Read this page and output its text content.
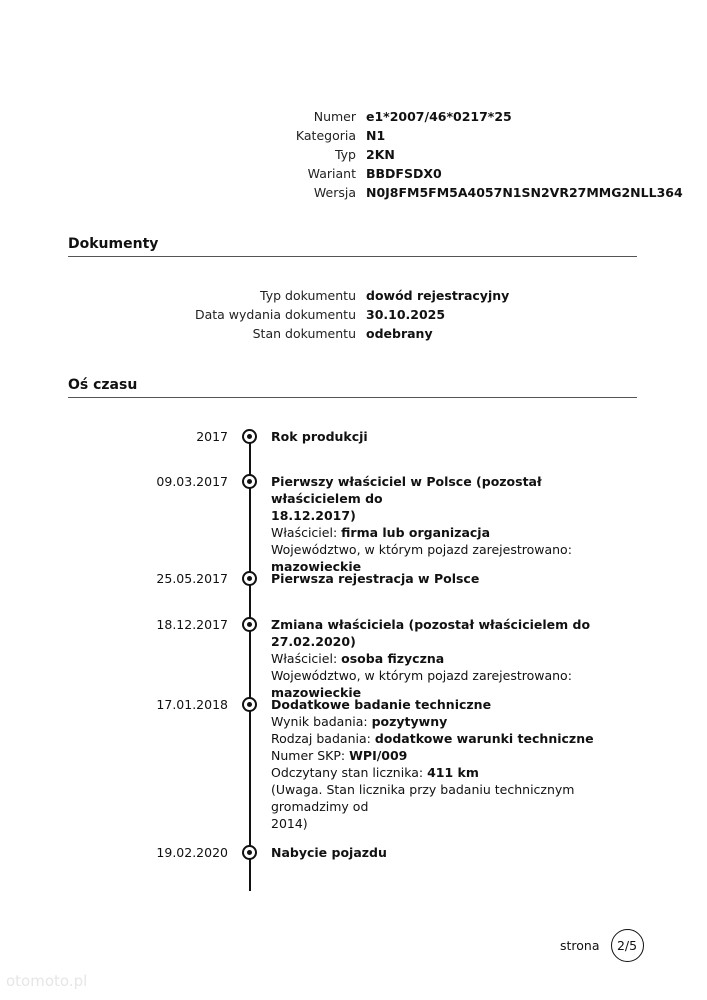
Numer e1*2007/46*0217*25
Kategoria N1
Typ 2KN
Wariant BBDFSDX0
Wersja N0J8FM5FM5A4057N1SN2VR27MMG2NLL364
Dokumenty
Typ dokumentu dowód rejestracyjny
Data wydania dokumentu 30.10.2025
Stan dokumentu odebrany
Oś czasu
2017	Rok produkcji
09.03.2017	Pierwszy właściciel w Polsce (pozostał właścicielem do
18.12.2017)
Właściciel: firma lub organizacja
Województwo, w którym pojazd zarejestrowano: mazowieckie
25.05.2017	Pierwsza rejestracja w Polsce
18.12.2017	Zmiana właściciela (pozostał właścicielem do 27.02.2020)
Właściciel: osoba fizyczna
Województwo, w którym pojazd zarejestrowano: mazowieckie
17.01.2018	Dodatkowe badanie techniczne
Wynik badania: pozytywny
Rodzaj badania: dodatkowe warunki techniczne
Numer SKP: WPI/009
Odczytany stan licznika: 411 km
(Uwaga. Stan licznika przy badaniu technicznym gromadzimy od
2014)
19.02.2020	Nabycie pojazdu
strona	2/5
otomoto.pl
